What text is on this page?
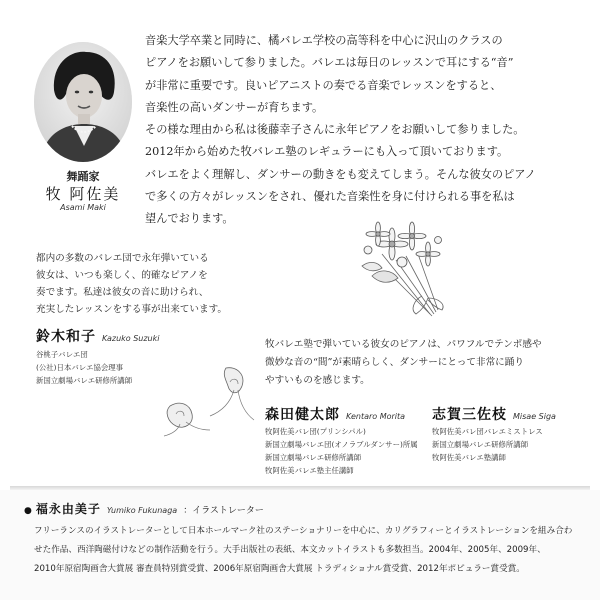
舞踊家
牧 阿佐美
Asami Maki

音楽大学卒業と同時に、橘バレエ学校の高等科を中心に沢山のクラスの

ピアノをお願いして参りました。バレエは毎日のレッスンで耳にする“音”

が非常に重要です。良いピアニストの奏でる音楽でレッスンをすると、

音楽性の高いダンサーが育ちます。

その様な理由から私は後藤幸子さんに永年ピアノをお願いして参りました。

2012年から始めた牧バレエ塾のレギュラーにも入って頂いております。

バレエをよく理解し、ダンサーの動きをも変えてしまう。そんな彼女のピアノ

で多くの方々がレッスンをされ、優れた音楽性を身に付けられる事を私は

望んでおります。

都内の多数のバレエ団で永年弾いている

彼女は、いつも楽しく、的確なピアノを

奏でます。私達は彼女の音に助けられ、

充実したレッスンをする事が出来ています。

鈴木和子 Kazuko Suzuki
谷桃子バレエ団
(公社)日本バレエ協会理事
新国立劇場バレエ研修所講師

牧バレエ塾で弾いている彼女のピアノは、パワフルでテンポ感や

微妙な音の“間”が素晴らしく、ダンサーにとって非常に踊り

やすいものを感じます。

森田健太郎 Kentaro Morita
牧阿佐美バレ団(プリンシパル)
新国立劇場バレエ団(オノラブルダンサー)所属
新国立劇場バレエ研修所講師
牧阿佐美バレエ塾主任講師
志賀三佐枝 Misae Siga
牧阿佐美バレ団バレエミストレス
新国立劇場バレエ研修所講師
牧阿佐美バレエ塾講師
● 福永由美子 Yumiko Fukunaga ：イラストレーター

フリーランスのイラストレーターとして日本ホールマーク社のステーショナリーを中心に、カリグラフィーとイラストレーションを組み合わ

せた作品、西洋陶磁付けなどの制作活動を行う。大手出版社の表紙、本文カットイラストも多数担当。2004年、2005年、2009年、

2010年原宿陶画舎大賞展 審査員特別賞受賞、2006年原宿陶画舎大賞展 トラディショナル賞受賞、2012年ポピュラー賞受賞。
